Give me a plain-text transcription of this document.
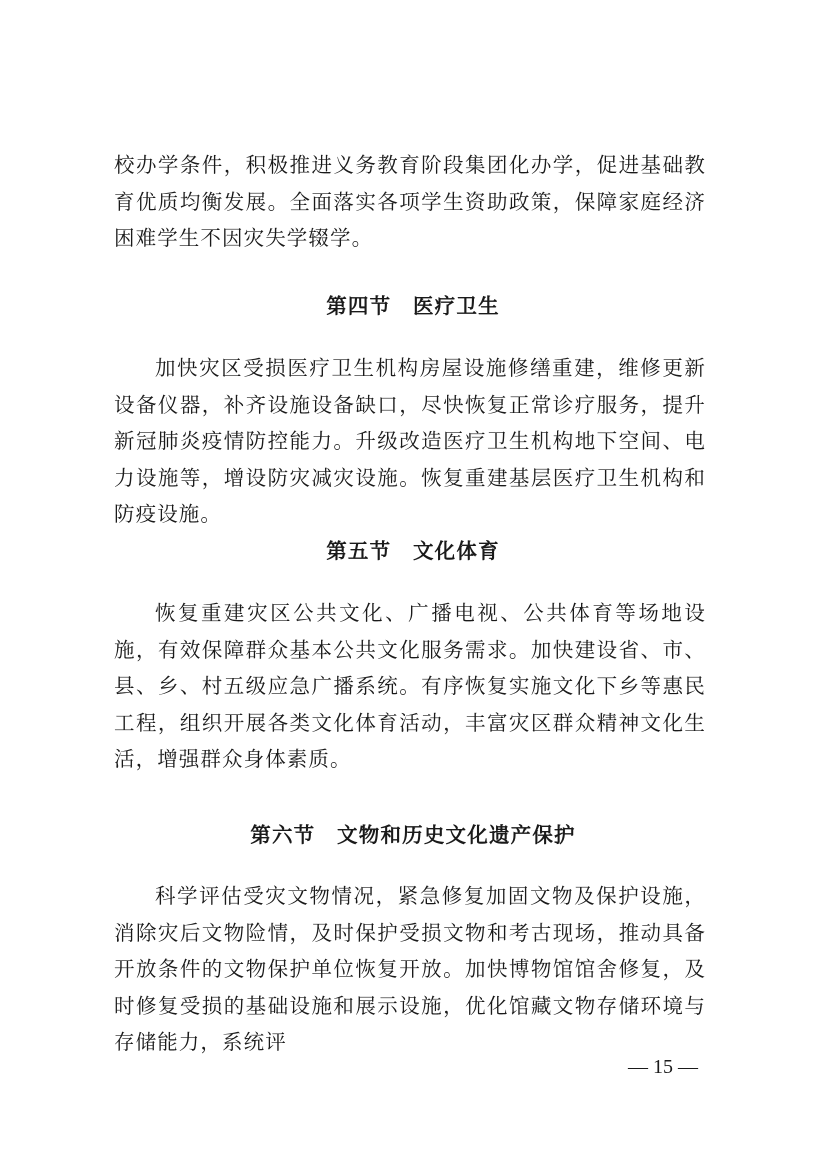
校办学条件，积极推进义务教育阶段集团化办学，促进基础教育优质均衡发展。全面落实各项学生资助政策，保障家庭经济困难学生不因灾失学辍学。

第四节　医疗卫生

加快灾区受损医疗卫生机构房屋设施修缮重建，维修更新设备仪器，补齐设施设备缺口，尽快恢复正常诊疗服务，提升新冠肺炎疫情防控能力。升级改造医疗卫生机构地下空间、电力设施等，增设防灾减灾设施。恢复重建基层医疗卫生机构和防疫设施。

第五节　文化体育

恢复重建灾区公共文化、广播电视、公共体育等场地设施，有效保障群众基本公共文化服务需求。加快建设省、市、县、乡、村五级应急广播系统。有序恢复实施文化下乡等惠民工程，组织开展各类文化体育活动，丰富灾区群众精神文化生活，增强群众身体素质。

第六节　文物和历史文化遗产保护

科学评估受灾文物情况，紧急修复加固文物及保护设施，消除灾后文物险情，及时保护受损文物和考古现场，推动具备开放条件的文物保护单位恢复开放。加快博物馆馆舍修复，及时修复受损的基础设施和展示设施，优化馆藏文物存储环境与存储能力，系统评

— 15 —
